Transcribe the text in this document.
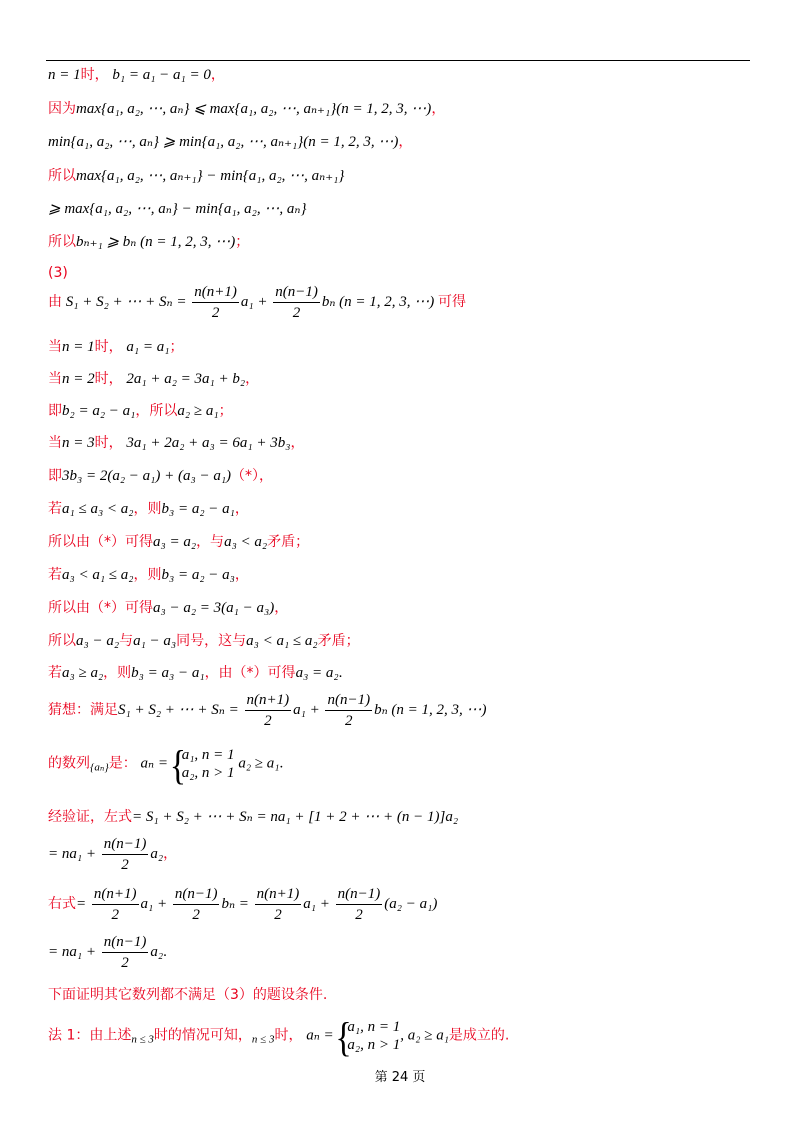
n = 1时， b₁ = a₁ − a₁ = 0，
因为max{a₁, a₂, ⋯, aₙ} ⩽ max{a₁, a₂, ⋯, aₙ₊₁}(n = 1, 2, 3, ⋯)，
min{a₁, a₂, ⋯, aₙ} ⩾ min{a₁, a₂, ⋯, aₙ₊₁}(n = 1, 2, 3, ⋯)，
所以max{a₁, a₂, ⋯, aₙ₊₁} − min{a₁, a₂, ⋯, aₙ₊₁}
⩾ max{a₁, a₂, ⋯, aₙ} − min{a₁, a₂, ⋯, aₙ}
所以bₙ₊₁ ⩾ bₙ (n = 1, 2, 3, ⋯)；
(3)
由 S₁ + S₂ + ⋯ + $S_n = \frac{n(n+1)}{2} a_1 + \frac{n(n-1)}{2}$ bₙ (n = 1, 2, 3, ⋯) 可得
当n = 1时， a₁ = a₁；
当n = 2时， 2a₁ + a₂ = 3a₁ + b₂，
即b₂ = a₂ − a₁，所以a₂ ≥ a₁；
当n = 3时， 3a₁ + 2a₂ + a₃ = 6a₁ + 3b₃，
即3b₃ = 2(a₂ − a₁) + (a₃ − a₁)（*），
若a₁ ≤ a₃ < a₂，则b₃ = a₂ − a₁，
所以由（*）可得a₃ = a₂，与a₃ < a₂矛盾；
若a₃ < a₁ ≤ a₂，则b₃ = a₂ − a₃，
所以由（*）可得a₃ − a₂ = 3(a₁ − a₃)，
所以a₃ − a₂与a₁ − a₃同号，这与a₃ < a₁ ≤ a₂矛盾；
若a₃ ≥ a₂，则b₃ = a₃ − a₁，由（*）可得a₃ = a₂.
猜想：满足S₁ + S₂ + ⋯ + $S_n = \frac{n(n+1)}{2} a_1 + \frac{n(n-1)}{2}$ bₙ (n = 1, 2, 3, ⋯)
的数列$_{\{a_n\}}$是： aₙ =
{ a₁, n = 1
a₂, n > 1
a₂ ≥ a₁.
经验证，左式= S₁ + S₂ + ⋯ + Sₙ = na₁ + [1 + 2 + ⋯ + (n − 1)]a₂
= $na_1 + \frac{n(n-1)}{2} a_2$，
右式= $\frac{n(n+1)}{2} a_1 + \frac{n(n-1)}{2}$ $b_n = \frac{n(n+1)}{2} a_1 + \frac{n(n-1)}{2} (a_2 - a_1)$
= $na_1 + \frac{n(n-1)}{2} a_2$.
下面证明其它数列都不满足（3）的题设条件.
法 1：由上述$_{n \le 3}$时的情况可知，$_{n \le 3}$时， aₙ =
{ a₁, n = 1
a₂, n > 1
, a₂ ≥ a₁是成立的.
第 24 页
